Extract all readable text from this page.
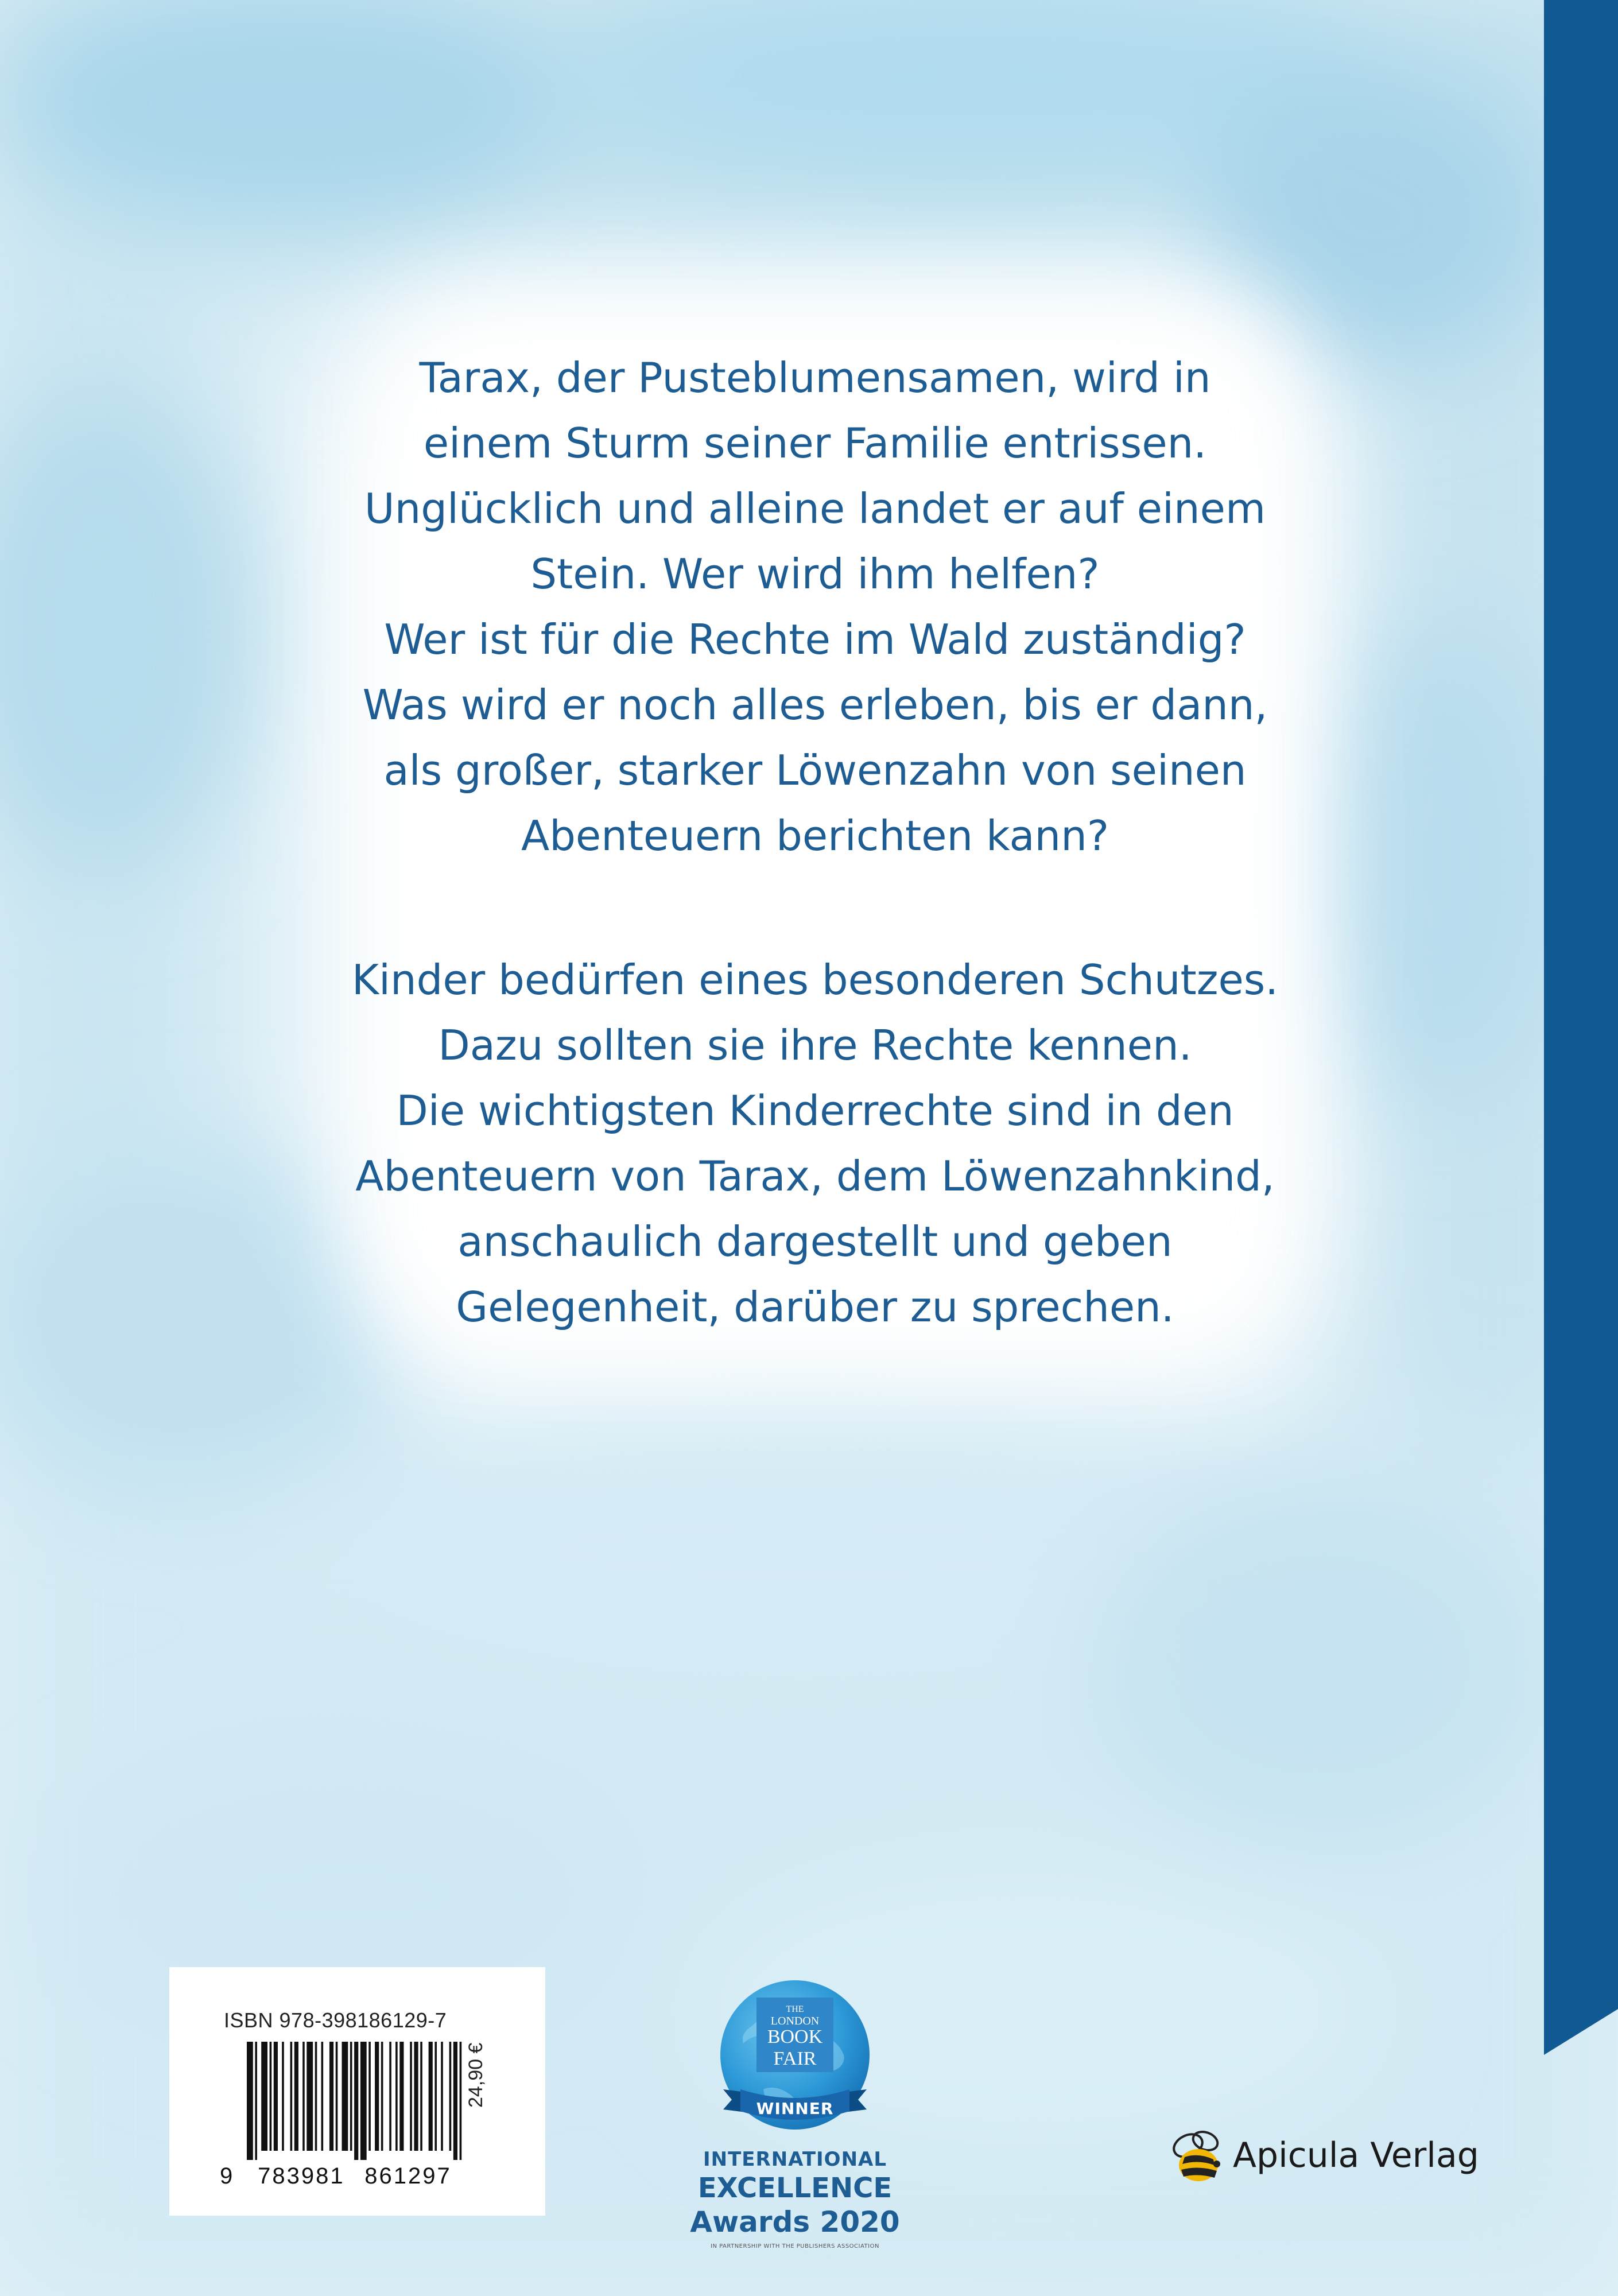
Tarax, der Pusteblumensamen, wird in
einem Sturm seiner Familie entrissen.
Unglücklich und alleine landet er auf einem
Stein. Wer wird ihm helfen?
Wer ist für die Rechte im Wald zuständig?
Was wird er noch alles erleben, bis er dann,
als großer, starker Löwenzahn von seinen
Abenteuern berichten kann?
Kinder bedürfen eines besonderen Schutzes.
Dazu sollten sie ihre Rechte kennen.
Die wichtigsten Kinderrechte sind in den
Abenteuern von Tarax, dem Löwenzahnkind,
anschaulich dargestellt und geben
Gelegenheit, darüber zu sprechen.
ISBN 978-398186129-7
9 783981 861297
24,90 €
THE
LONDON
BOOK
FAIR
WINNER
INTERNATIONAL
EXCELLENCE
Awards 2020
IN PARTNERSHIP WITH THE PUBLISHERS ASSOCIATION
Apicula Verlag
